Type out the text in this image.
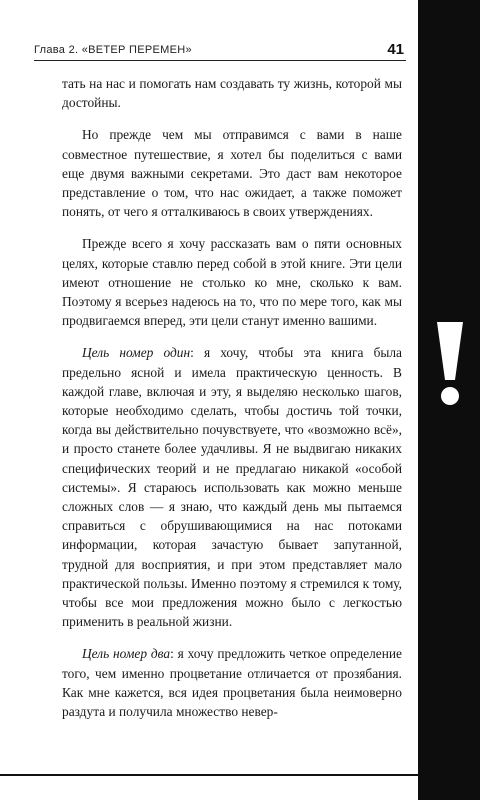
Глава 2. «ВЕТЕР ПЕРЕМЕН»	41

тать на нас и помогать нам создавать ту жизнь, которой мы достойны.

Но прежде чем мы отправимся с вами в наше совместное путешествие, я хотел бы поделиться с вами еще двумя важными секретами. Это даст вам некоторое представление о том, что нас ожидает, а также поможет понять, от чего я отталкиваюсь в своих утверждениях.

Прежде всего я хочу рассказать вам о пяти основных целях, которые ставлю перед собой в этой книге. Эти цели имеют отношение не столько ко мне, сколько к вам. Поэтому я всерьез надеюсь на то, что по мере того, как мы продвигаемся вперед, эти цели станут именно вашими.

Цель номер один: я хочу, чтобы эта книга была предельно ясной и имела практическую ценность. В каждой главе, включая и эту, я выделяю несколько шагов, которые необходимо сделать, чтобы достичь той точки, когда вы действительно почувствуете, что «возможно всё», и просто станете более удачливы. Я не выдвигаю никаких специфических теорий и не предлагаю никакой «особой системы». Я стараюсь использовать как можно меньше сложных слов — я знаю, что каждый день мы пытаемся справиться с обрушивающимися на нас потоками информации, которая зачастую бывает запутанной, трудной для восприятия, и при этом представляет мало практической пользы. Именно поэтому я стремился к тому, чтобы все мои предложения можно было с легкостью применить в реальной жизни.

Цель номер два: я хочу предложить четкое определение того, чем именно процветание отличается от прозябания. Как мне кажется, вся идея процветания была неимоверно раздута и получила множество невер-
